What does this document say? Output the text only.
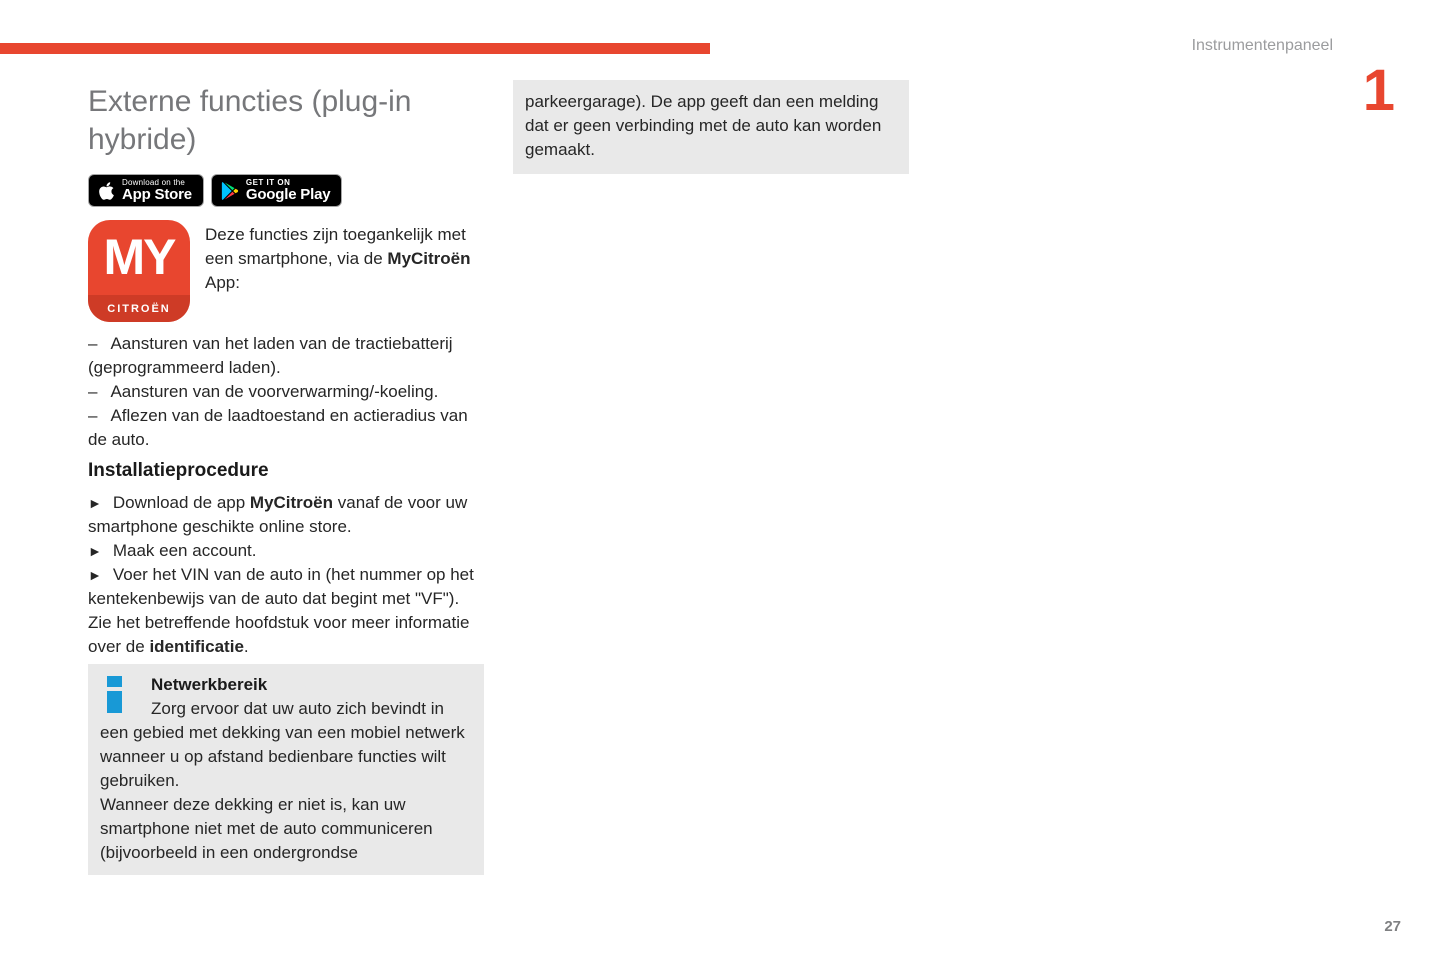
Instrumentenpaneel
1
Externe functies (plug-in hybride)
Download on the
App Store
GET IT ON
Google Play
MY
CITROËN

Deze functies zijn toegankelijk met een smartphone, via de MyCitroën App:

– Aansturen van het laden van de tractiebatterij (geprogrammeerd laden).

– Aansturen van de voorverwarming/-koeling.

– Aflezen van de laadtoestand en actieradius van de auto.

Installatieprocedure

► Download de app MyCitroën vanaf de voor uw smartphone geschikte online store.

► Maak een account.

► Voer het VIN van de auto in (het nummer op het kentekenbewijs van de auto dat begint met "VF").

Zie het betreffende hoofdstuk voor meer informatie over de identificatie.

Netwerkbereik
Zorg ervoor dat uw auto zich bevindt in een gebied met dekking van een mobiel netwerk wanneer u op afstand bedienbare functies wilt gebruiken.
Wanneer deze dekking er niet is, kan uw smartphone niet met de auto communiceren (bijvoorbeeld in een ondergrondse

parkeergarage). De app geeft dan een melding dat er geen verbinding met de auto kan worden gemaakt.

27
